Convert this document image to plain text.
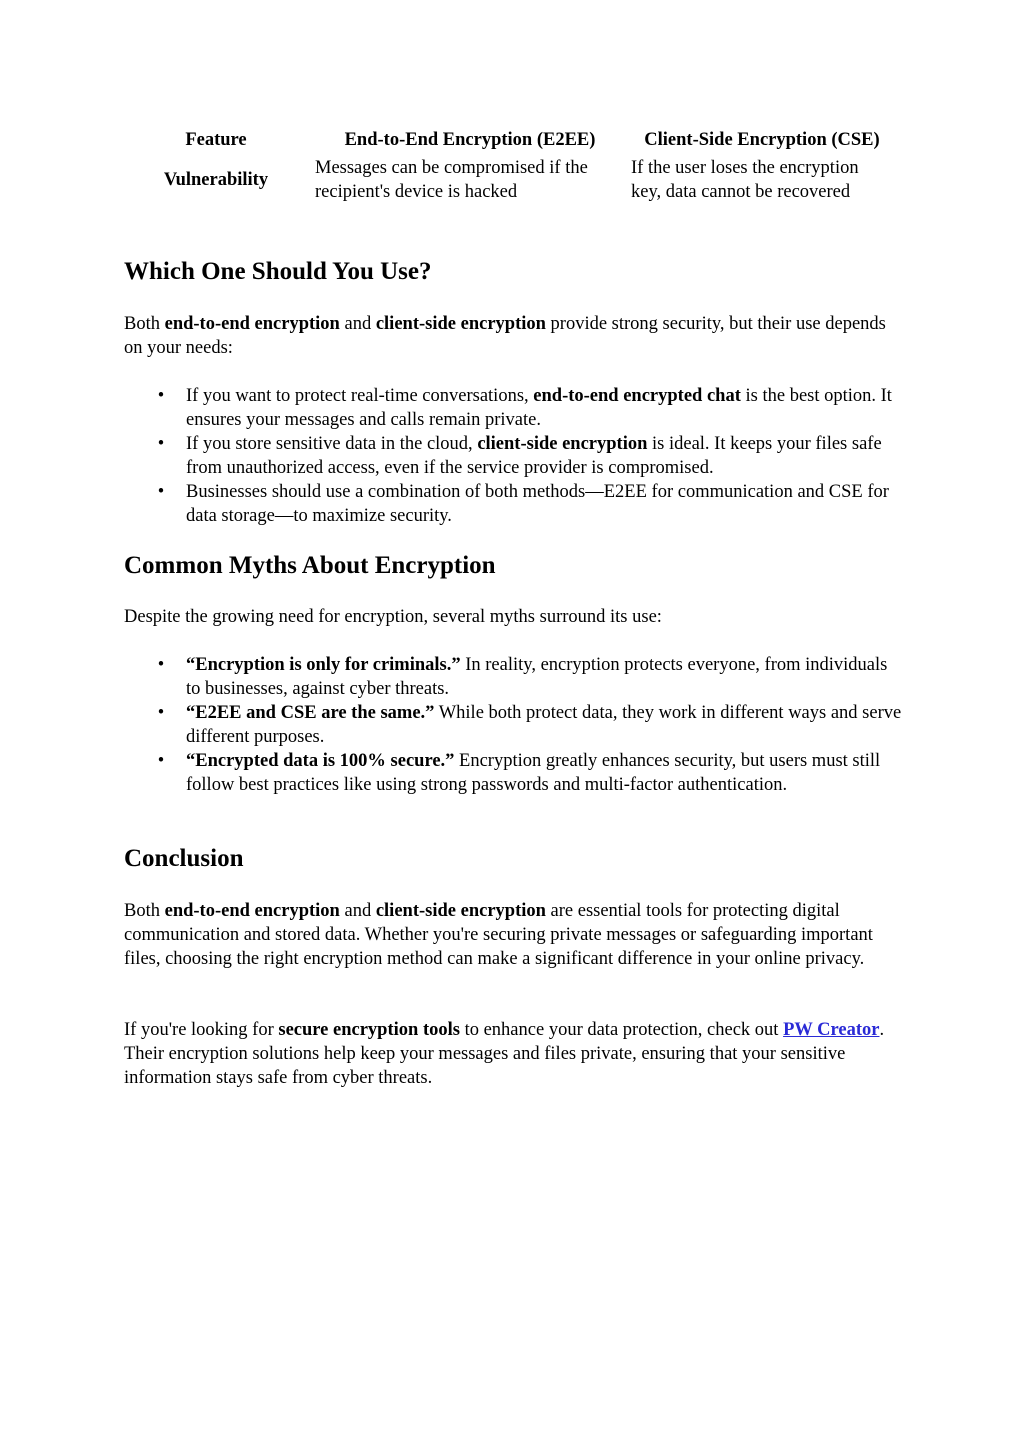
Feature	End-to-End Encryption (E2EE)	Client-Side Encryption (CSE)
Vulnerability	Messages can be compromised if the recipient's device is hacked	If the user loses the encryption key, data cannot be recovered
Which One Should You Use?

Both end-to-end encryption and client-side encryption provide strong security, but their use depends on your needs:

• If you want to protect real-time conversations, end-to-end encrypted chat is the best option. It ensures your messages and calls remain private.
• If you store sensitive data in the cloud, client-side encryption is ideal. It keeps your files safe from unauthorized access, even if the service provider is compromised.
• Businesses should use a combination of both methods—E2EE for communication and CSE for data storage—to maximize security.
Common Myths About Encryption

Despite the growing need for encryption, several myths surround its use:

• “Encryption is only for criminals.” In reality, encryption protects everyone, from individuals to businesses, against cyber threats.
• “E2EE and CSE are the same.” While both protect data, they work in different ways and serve different purposes.
• “Encrypted data is 100% secure.” Encryption greatly enhances security, but users must still follow best practices like using strong passwords and multi-factor authentication.
Conclusion

Both end-to-end encryption and client-side encryption are essential tools for protecting digital communication and stored data. Whether you're securing private messages or safeguarding important files, choosing the right encryption method can make a significant difference in your online privacy.

If you're looking for secure encryption tools to enhance your data protection, check out PW Creator. Their encryption solutions help keep your messages and files private, ensuring that your sensitive information stays safe from cyber threats.
